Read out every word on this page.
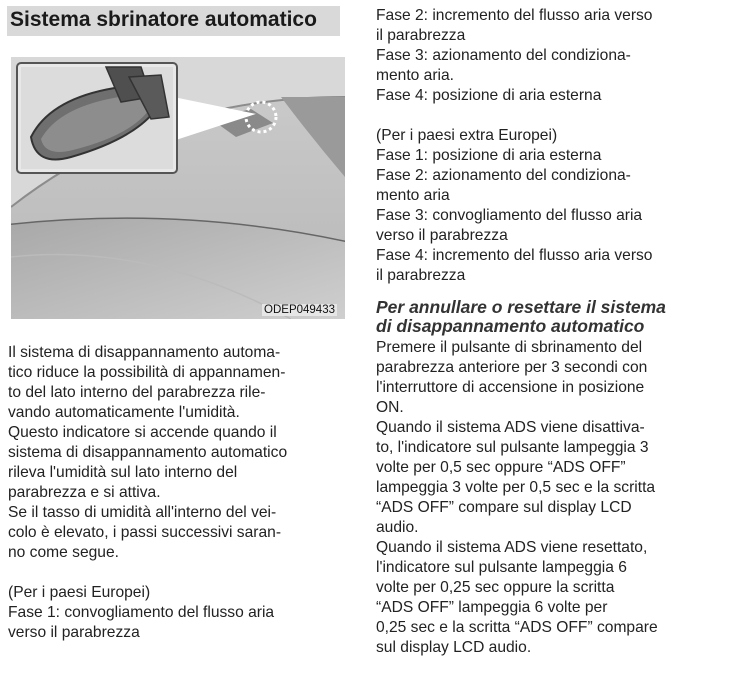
Sistema sbrinatore automatico
ODEP049433

Il sistema di disappannamento automa-

tico riduce la possibilità di appannamen-

to del lato interno del parabrezza rile-

vando automaticamente l'umidità.

Questo indicatore si accende quando il

sistema di disappannamento automatico

rileva l'umidità sul lato interno del

parabrezza e si attiva.

Se il tasso di umidità all'interno del vei-

colo è elevato, i passi successivi saran-

no come segue.

(Per i paesi Europei)

Fase 1: convogliamento del flusso aria

verso il parabrezza

Fase 2: incremento del flusso aria verso

il parabrezza

Fase 3: azionamento del condiziona-

mento aria.

Fase 4: posizione di aria esterna

(Per i paesi extra Europei)

Fase 1: posizione di aria esterna

Fase 2: azionamento del condiziona-

mento aria

Fase 3: convogliamento del flusso aria

verso il parabrezza

Fase 4: incremento del flusso aria verso

il parabrezza

Per annullare o resettare il sistema
di disappannamento automatico

Premere il pulsante di sbrinamento del

parabrezza anteriore per 3 secondi con

l'interruttore di accensione in posizione

ON.

Quando il sistema ADS viene disattiva-

to, l'indicatore sul pulsante lampeggia 3

volte per 0,5 sec oppure “ADS OFF”

lampeggia 3 volte per 0,5 sec e la scritta

“ADS OFF” compare sul display LCD

audio.

Quando il sistema ADS viene resettato,

l'indicatore sul pulsante lampeggia 6

volte per 0,25 sec oppure la scritta

“ADS OFF” lampeggia 6 volte per

0,25 sec e la scritta “ADS OFF” compare

sul display LCD audio.
